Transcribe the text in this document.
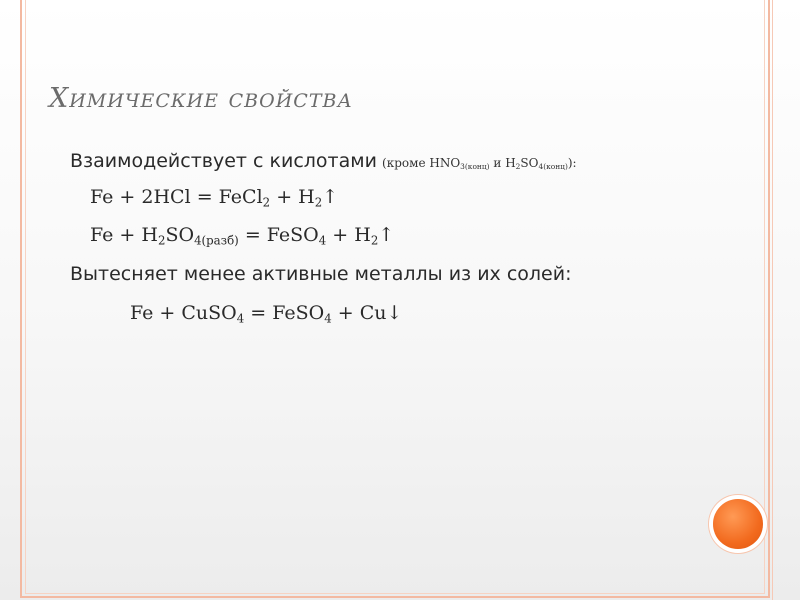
Химические свойства
Взаимодействует с кислотами (кроме $HNO_{3(конц)}$ и $H_2SO_{4(конц)}$):
Fe + 2HCl = FeCl$_2$ + $H_2↑$
$Fe + H_2SO_{4(разб)}$ = FeSO$_4$ + $H_2↑$
Вытесняет менее активные металлы из их солей:
Fe + CuSO$_4$ = FeSO$_4$ + Cu↓
